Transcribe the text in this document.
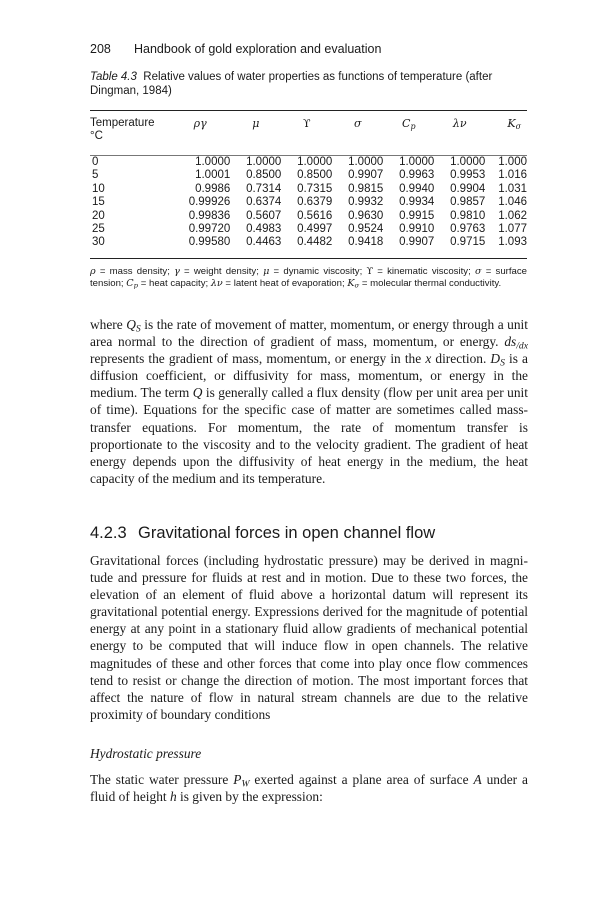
208 Handbook of gold exploration and evaluation
Table 4.3 Relative values of water properties as functions of temperature (after Dingman, 1984)
Temperature
°C	ργ	μ	ϒ	σ	$C_p$	λν	$K_\sigma$

0	1.0000	1.0000	1.0000	1.0000	1.0000	1.0000	1.000
5	1.0001	0.8500	0.8500	0.9907	0.9963	0.9953	1.016
10	0.9986	0.7314	0.7315	0.9815	0.9940	0.9904	1.031
15	0.99926	0.6374	0.6379	0.9932	0.9934	0.9857	1.046
20	0.99836	0.5607	0.5616	0.9630	0.9915	0.9810	1.062
25	0.99720	0.4983	0.4997	0.9524	0.9910	0.9763	1.077
30	0.99580	0.4463	0.4482	0.9418	0.9907	0.9715	1.093
ρ = mass density; γ = weight density; μ = dynamic viscosity; ϒ = kinematic viscosity; σ = surface tension; $C_p$ = heat capacity; λν = latent heat of evaporation; $K_\sigma$ = molecular thermal conductivity.

where $Q_S$ is the rate of movement of matter, momentum, or energy through a unit area normal to the direction of gradient of mass, momentum, or energy. $ds_{/dx}$ represents the gradient of mass, momentum, or energy in the x direction. $D_S$ is a diffusion coefficient, or diffusivity for mass, momentum, or energy in the medium. The term Q is generally called a flux density (flow per unit area per unit of time). Equations for the specific case of matter are sometimes called mass-transfer equations. For momentum, the rate of momentum transfer is proportionate to the viscosity and to the velocity gradient. The gradient of heat energy depends upon the diffusivity of heat energy in the medium, the heat capacity of the medium and its temperature.

4.2.3 Gravitational forces in open channel flow

Gravitational forces (including hydrostatic pressure) may be derived in magnitude and pressure for fluids at rest and in motion. Due to these two forces, the elevation of an element of fluid above a horizontal datum will represent its gravitational potential energy. Expressions derived for the magnitude of potential energy at any point in a stationary fluid allow gradients of mechanical potential energy to be computed that will induce flow in open channels. The relative magnitudes of these and other forces that come into play once flow commences tend to resist or change the direction of motion. The most important forces that affect the nature of flow in natural stream channels are due to the relative proximity of boundary conditions

Hydrostatic pressure

The static water pressure $P_W$ exerted against a plane area of surface A under a fluid of height h is given by the expression:
